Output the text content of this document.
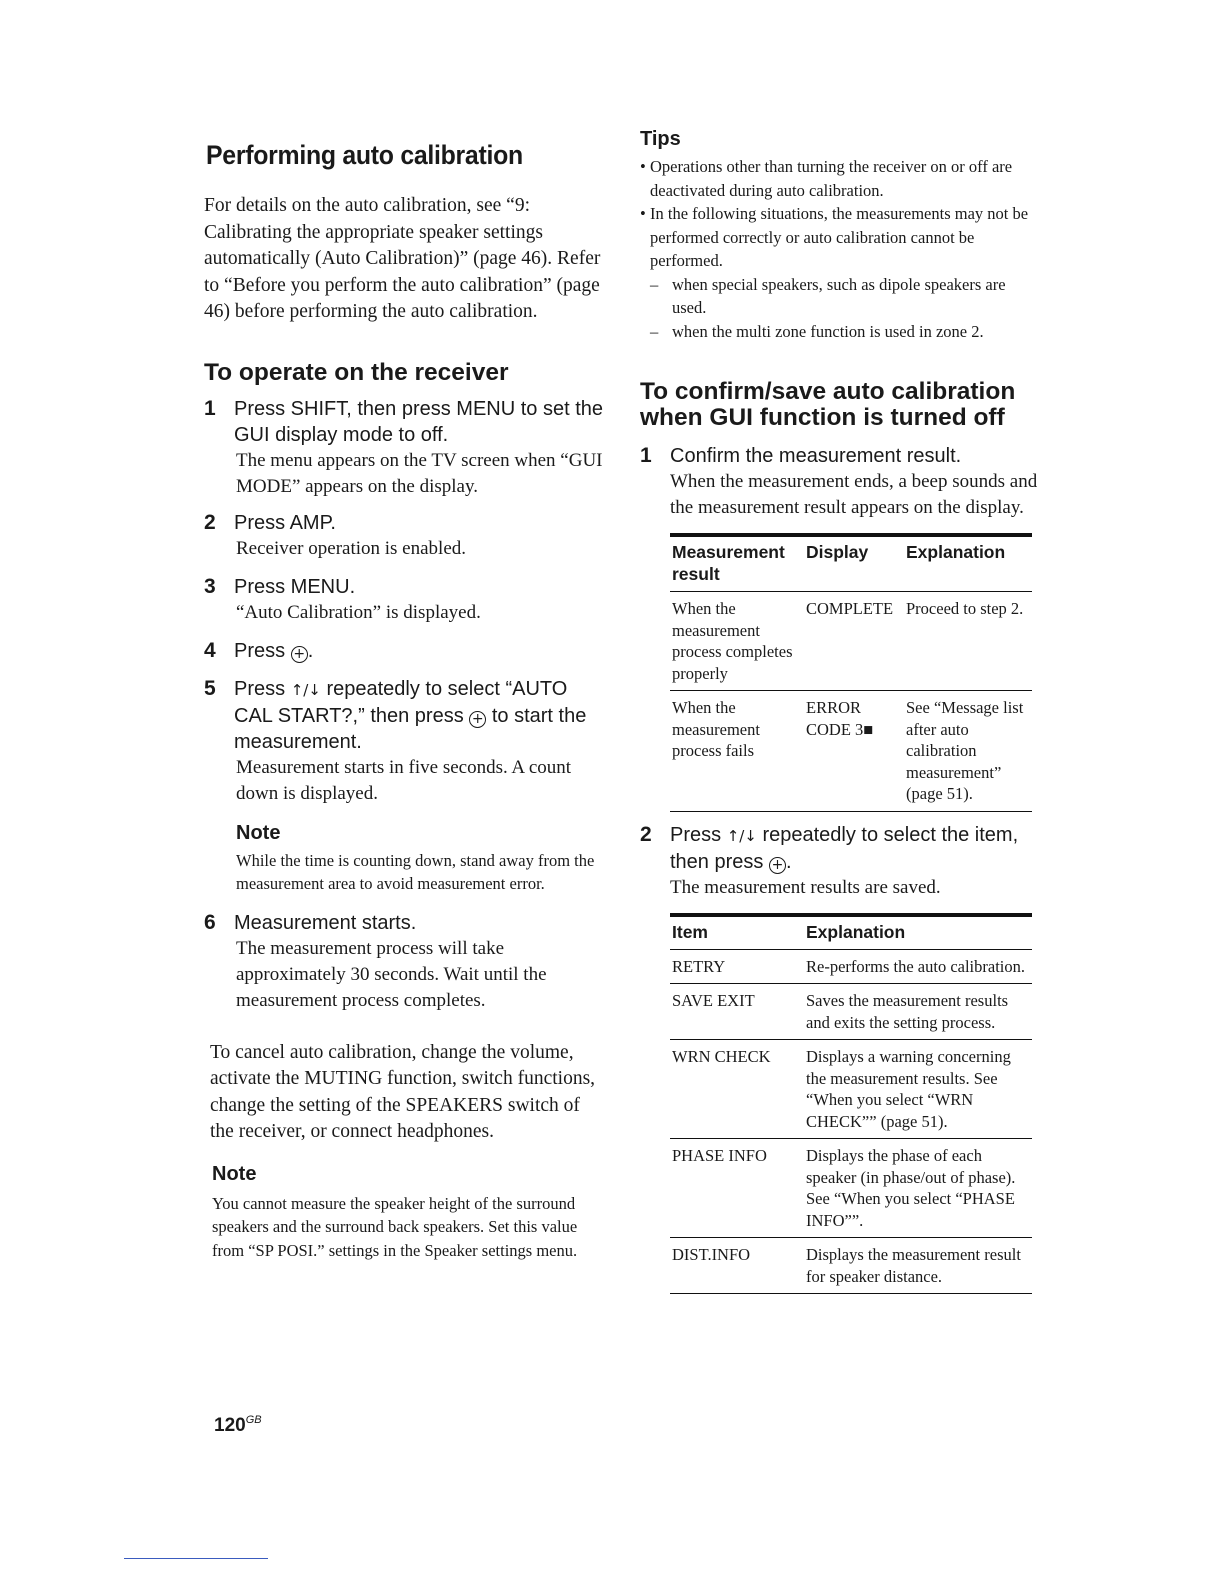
Performing auto calibration

For details on the auto calibration, see “9: Calibrating the appropriate speaker settings automatically (Auto Calibration)” (page 46). Refer to “Before you perform the auto calibration” (page 46) before performing the auto calibration.

To operate on the receiver
1 Press SHIFT, then press MENU to set the GUI display mode to off.
The menu appears on the TV screen when “GUI MODE” appears on the display.
2 Press AMP.
Receiver operation is enabled.
3 Press MENU.
“Auto Calibration” is displayed.
4 Press + .
5 Press ↑/↓ repeatedly to select “AUTO CAL START?,” then press + to start the measurement.
Measurement starts in five seconds. A count down is displayed.

Note

While the time is counting down, stand away from the measurement area to avoid measurement error.

6 Measurement starts.
The measurement process will take approximately 30 seconds. Wait until the measurement process completes.

To cancel auto calibration, change the volume, activate the MUTING function, switch functions, change the setting of the SPEAKERS switch of the receiver, or connect headphones.

Note

You cannot measure the speaker height of the surround speakers and the surround back speakers. Set this value from “SP POSI.” settings in the Speaker settings menu.

Tips

• Operations other than turning the receiver on or off are deactivated during auto calibration.
• In the following situations, the measurements may not be performed correctly or auto calibration cannot be performed.
– when special speakers, such as dipole speakers are used.
– when the multi zone function is used in zone 2.
To confirm/save auto calibration when GUI function is turned off
1 Confirm the measurement result.
When the measurement ends, a beep sounds and the measurement result appears on the display.
Measurement result	Display	Explanation
When the measurement process completes properly	COMPLETE	Proceed to step 2.
When the measurement process fails	ERROR CODE 3■	See “Message list after auto calibration measurement” (page 51).
2 Press ↑/↓ repeatedly to select the item, then press + .
The measurement results are saved.
Item	Explanation
RETRY	Re-performs the auto calibration.
SAVE EXIT	Saves the measurement results and exits the setting process.
WRN CHECK	Displays a warning concerning the measurement results. See “When you select “WRN CHECK”” (page 51).
PHASE INFO	Displays the phase of each speaker (in phase/out of phase). See “When you select “PHASE INFO””.
DIST.INFO	Displays the measurement result for speaker distance.
$120^{GB}$
